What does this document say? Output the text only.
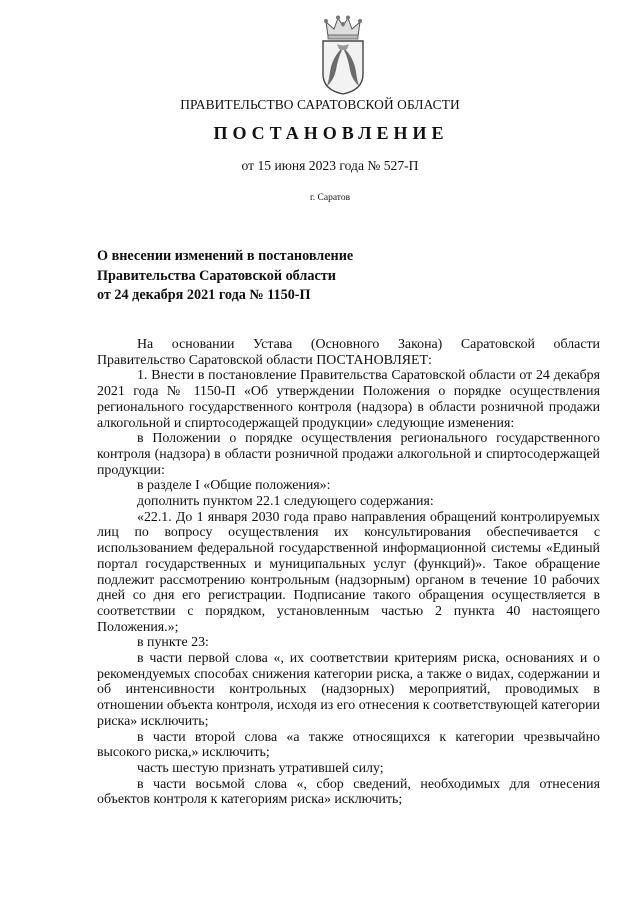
ПРАВИТЕЛЬСТВО САРАТОВСКОЙ ОБЛАСТИ
ПОСТАНОВЛЕНИЕ
от 15 июня 2023 года № 527-П
г. Саратов
О внесении изменений в постановление
Правительства Саратовской области
от 24 декабря 2021 года № 1150-П

На основании Устава (Основного Закона) Саратовской области Правительство Саратовской области ПОСТАНОВЛЯЕТ:

1. Внести в постановление Правительства Саратовской области от 24 декабря 2021 года № 1150-П «Об утверждении Положения о порядке осуществления регионального государственного контроля (надзора) в области розничной продажи алкогольной и спиртосодержащей продукции» следующие изменения:

в Положении о порядке осуществления регионального государственного контроля (надзора) в области розничной продажи алкогольной и спиртосодержащей продукции:

в разделе I «Общие положения»:

дополнить пунктом 22.1 следующего содержания:

«22.1. До 1 января 2030 года право направления обращений контролируемых лиц по вопросу осуществления их консультирования обеспечивается с использованием федеральной государственной информационной системы «Единый портал государственных и муниципальных услуг (функций)». Такое обращение подлежит рассмотрению контрольным (надзорным) органом в течение 10 рабочих дней со дня его регистрации. Подписание такого обращения осуществляется в соответствии с порядком, установленным частью 2 пункта 40 настоящего Положения.»;

в пункте 23:

в части первой слова «, их соответствии критериям риска, основаниях и о рекомендуемых способах снижения категории риска, а также о видах, содержании и об интенсивности контрольных (надзорных) мероприятий, проводимых в отношении объекта контроля, исходя из его отнесения к соответствующей категории риска» исключить;

в части второй слова «а также относящихся к категории чрезвычайно высокого риска,» исключить;

часть шестую признать утратившей силу;

в части восьмой слова «, сбор сведений, необходимых для отнесения объектов контроля к категориям риска» исключить;
